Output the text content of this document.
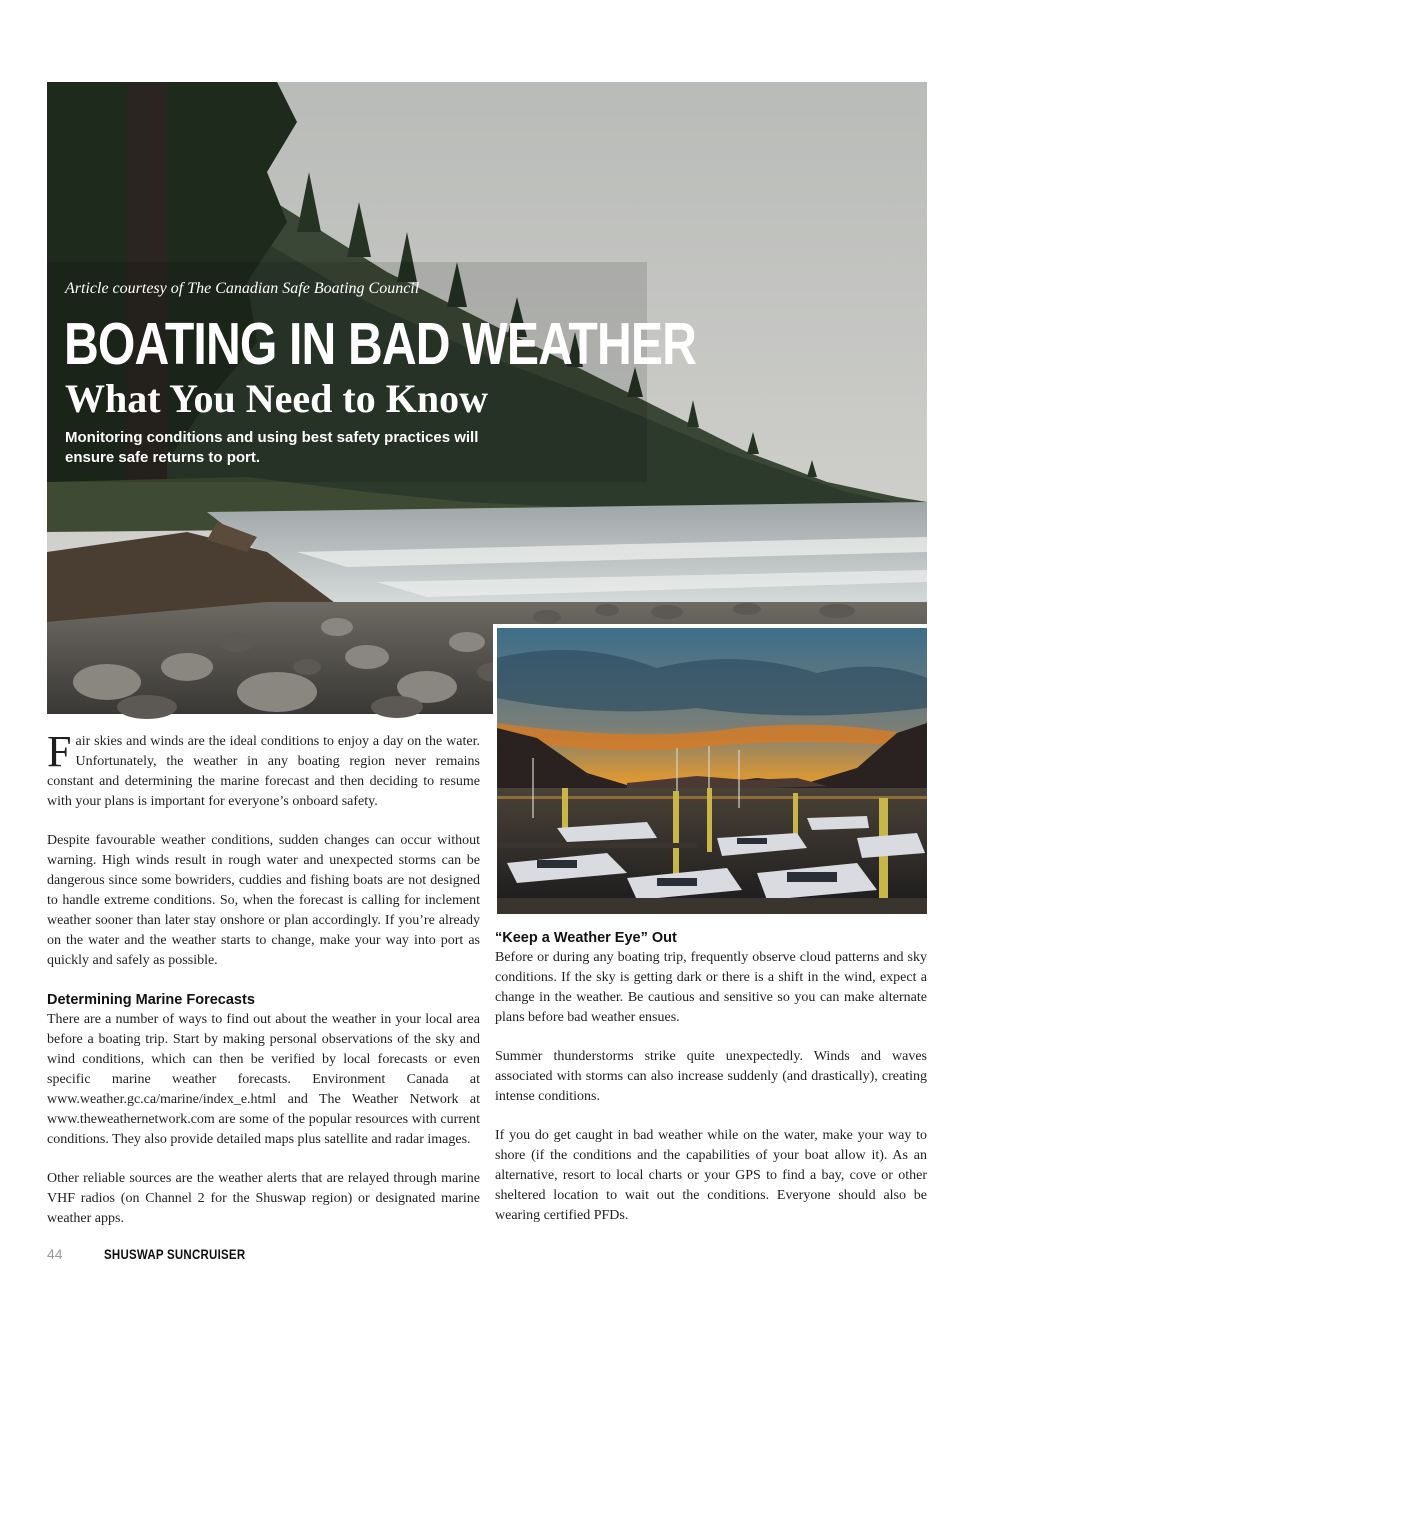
Article courtesy of The Canadian Safe Boating Council

BOATING IN BAD WEATHER
What You Need to Know

Monitoring conditions and using best safety practices will ensure safe returns to port.

NICOLE LOGAN

BYRON GOVE DREAMSTIME.COM

Fair skies and winds are the ideal conditions to enjoy a day on the water. Unfortunately, the weather in any boating region never remains constant and determining the marine forecast and then deciding to resume with your plans is important for everyone’s onboard safety.

Despite favourable weather conditions, sudden changes can occur without warning. High winds result in rough water and unexpected storms can be dangerous since some bowriders, cuddies and fishing boats are not designed to handle extreme conditions. So, when the forecast is calling for inclement weather sooner than later stay onshore or plan accordingly. If you’re already on the water and the weather starts to change, make your way into port as quickly and safely as possible.

Determining Marine Forecasts

There are a number of ways to find out about the weather in your local area before a boating trip. Start by making personal observations of the sky and wind conditions, which can then be verified by local forecasts or even specific marine weather forecasts. Environment Canada at www.weather.gc.ca/marine/index_e.html and The Weather Network at www.theweathernetwork.com are some of the popular resources with current conditions. They also provide detailed maps plus satellite and radar images.

Other reliable sources are the weather alerts that are relayed through marine VHF radios (on Channel 2 for the Shuswap region) or designated marine weather apps.

“Keep a Weather Eye” Out

Before or during any boating trip, frequently observe cloud patterns and sky conditions. If the sky is getting dark or there is a shift in the wind, expect a change in the weather. Be cautious and sensitive so you can make alternate plans before bad weather ensues.

Summer thunderstorms strike quite unexpectedly. Winds and waves associated with storms can also increase suddenly (and drastically), creating intense conditions.

If you do get caught in bad weather while on the water, make your way to shore (if the conditions and the capabilities of your boat allow it). As an alternative, resort to local charts or your GPS to find a bay, cove or other sheltered location to wait out the conditions. Everyone should also be wearing certified PFDs.

44	SHUSWAP SUNCRUISER
